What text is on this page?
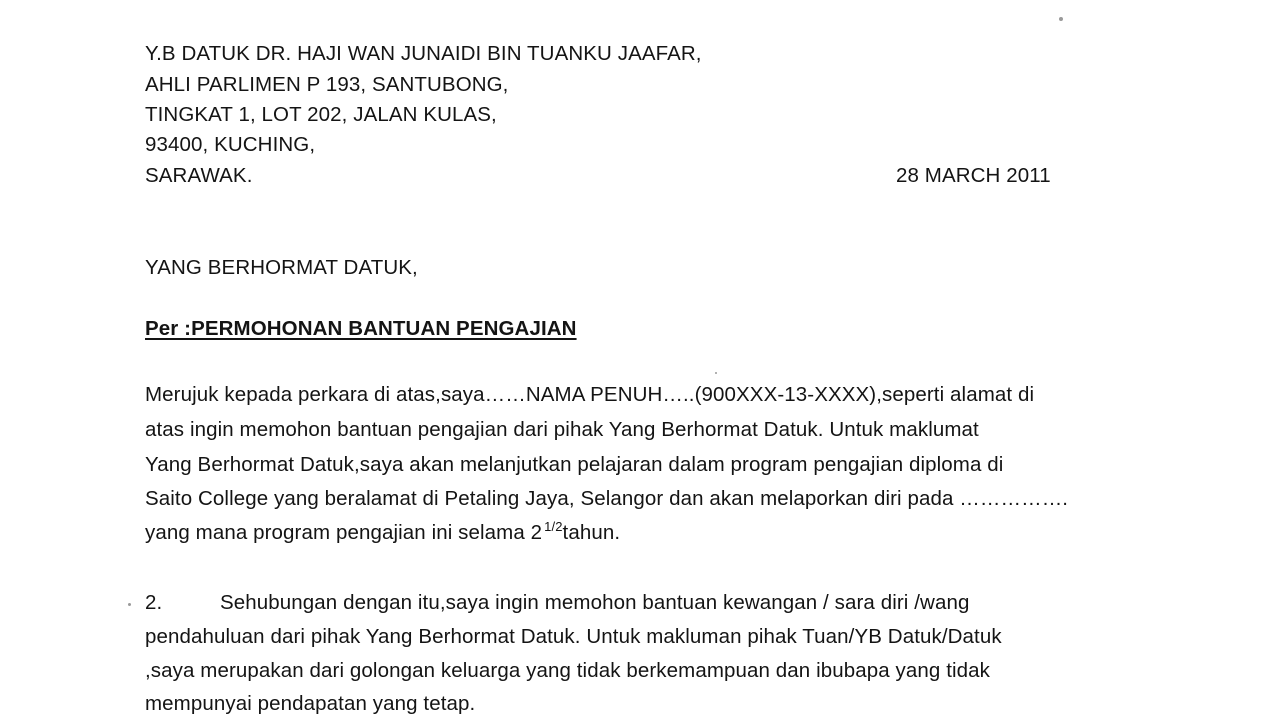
Y.B DATUK DR. HAJI WAN JUNAIDI BIN TUANKU JAAFAR,
AHLI PARLIMEN P 193, SANTUBONG,
TINGKAT 1, LOT 202, JALAN KULAS,
93400, KUCHING,
SARAWAK.	28 MARCH 2011
YANG BERHORMAT DATUK,
Per :PERMOHONAN BANTUAN PENGAJIAN
Merujuk kepada perkara di atas,saya……NAMA PENUH…..(900XXX-13-XXXX),seperti alamat di
atas ingin memohon bantuan pengajian dari pihak Yang Berhormat Datuk. Untuk maklumat
Yang Berhormat Datuk,saya akan melanjutkan pelajaran dalam program pengajian diploma di
Saito College yang beralamat di Petaling Jaya, Selangor dan akan melaporkan diri pada …………….
yang mana program pengajian ini selama 2 $^{1/2}$tahun.
2.	Sehubungan dengan itu,saya ingin memohon bantuan kewangan / sara diri /wang
pendahuluan dari pihak Yang Berhormat Datuk. Untuk makluman pihak Tuan/YB Datuk/Datuk
,saya merupakan dari golongan keluarga yang tidak berkemampuan dan ibubapa yang tidak
mempunyai pendapatan yang tetap.
